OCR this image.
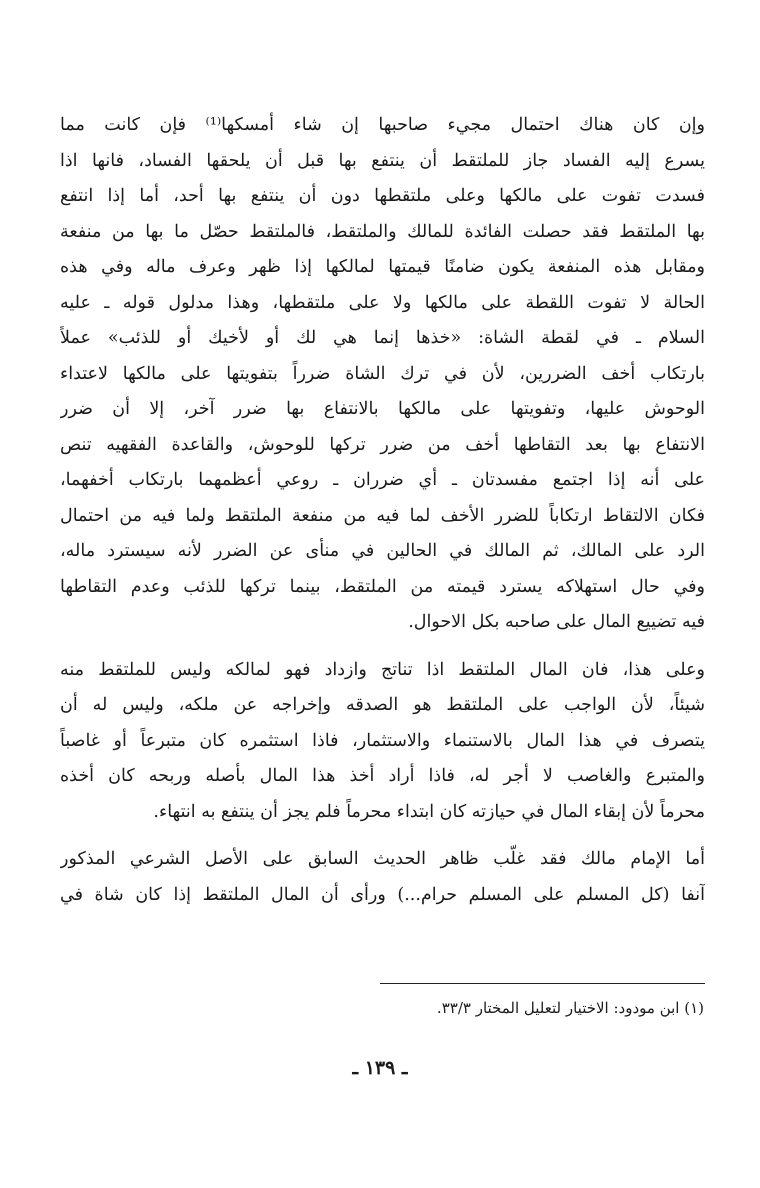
وإن كان هناك احتمال مجيء صاحبها إن شاء أمسكها⁽¹⁾ فإن كانت مما
يسرع إليه الفساد جاز للملتقط أن ينتفع بها قبل أن يلحقها الفساد، فانها اذا
فسدت تفوت على مالكها وعلى ملتقطها دون أن ينتفع بها أحد، أما إذا انتفع
بها الملتقط فقد حصلت الفائدة للمالك والملتقط، فالملتقط حصّل ما بها من منفعة
ومقابل هذه المنفعة يكون ضامنًا قيمتها لمالكها إذا ظهر وعرف ماله وفي هذه
الحالة لا تفوت اللقطة على مالكها ولا على ملتقطها، وهذا مدلول قوله ـ عليه
السلام ـ في لقطة الشاة: «خذها إنما هي لك أو لأخيك أو للذئب» عملاً
بارتكاب أخف الضررين، لأن في ترك الشاة ضرراً بتفويتها على مالكها لاعتداء
الوحوش عليها، وتفويتها على مالكها بالانتفاع بها ضرر آخر، إلا أن ضرر
الانتفاع بها بعد التقاطها أخف من ضرر تركها للوحوش، والقاعدة الفقهيه تنص
على أنه إذا اجتمع مفسدتان ـ أي ضرران ـ روعي أعظمهما بارتكاب أخفهما،
فكان الالتقاط ارتكاباً للضرر الأخف لما فيه من منفعة الملتقط ولما فيه من احتمال
الرد على المالك، ثم المالك في الحالين في منأى عن الضرر لأنه سيسترد ماله،
وفي حال استهلاكه يسترد قيمته من الملتقط، بينما تركها للذئب وعدم التقاطها
فيه تضييع المال على صاحبه بكل الاحوال.

وعلى هذا، فان المال الملتقط اذا تناتج وازداد فهو لمالكه وليس للملتقط منه
شيئاً، لأن الواجب على الملتقط هو الصدقه وإخراجه عن ملكه، وليس له أن
يتصرف في هذا المال بالاستنماء والاستثمار، فاذا استثمره كان متبرعاً أو غاصباً
والمتبرع والغاصب لا أجر له، فاذا أراد أخذ هذا المال بأصله وربحه كان أخذه
محرماً لأن إبقاء المال في حيازته كان ابتداء محرماً فلم يجز أن ينتفع به انتهاء.

أما الإمام مالك فقد غلّب ظاهر الحديث السابق على الأصل الشرعي المذكور
آنفا (كل المسلم على المسلم حرام...) ورأى أن المال الملتقط إذا كان شاة في

(١) ابن مودود: الاختيار لتعليل المختار ٣٣/٣.
ـ ١٣٩ ـ
